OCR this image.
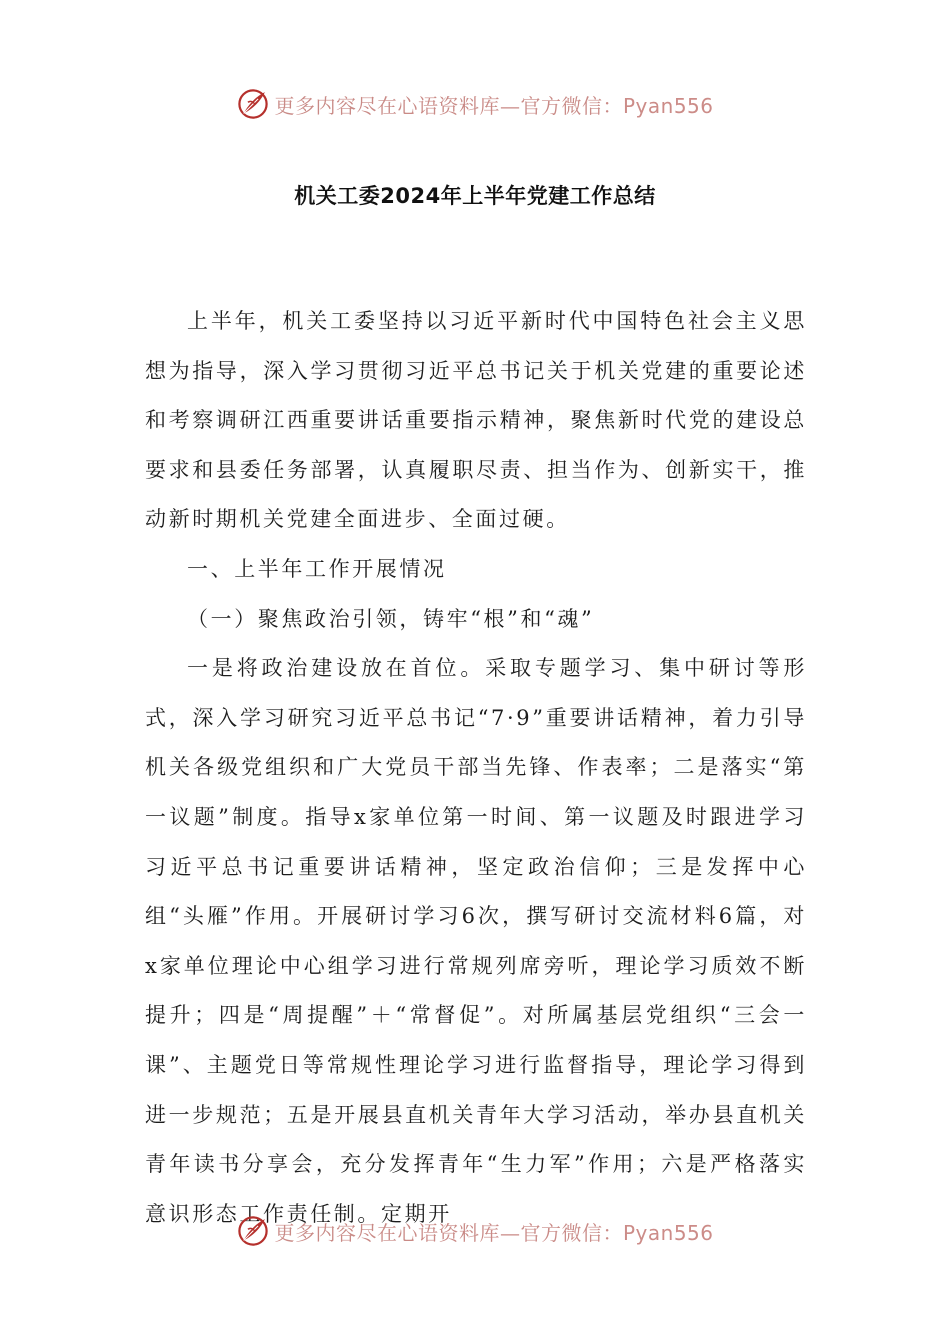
更多内容尽在心语资料库—官方微信：Pyan556
机关工委2024年上半年党建工作总结

上半年，机关工委坚持以习近平新时代中国特色社会主义思想为指导，深入学习贯彻习近平总书记关于机关党建的重要论述和考察调研江西重要讲话重要指示精神，聚焦新时代党的建设总要求和县委任务部署，认真履职尽责、担当作为、创新实干，推动新时期机关党建全面进步、全面过硬。

一、上半年工作开展情况

（一）聚焦政治引领，铸牢“根”和“魂”

一是将政治建设放在首位。采取专题学习、集中研讨等形式，深入学习研究习近平总书记“7·9”重要讲话精神，着力引导机关各级党组织和广大党员干部当先锋、作表率；二是落实“第一议题”制度。指导x家单位第一时间、第一议题及时跟进学习习近平总书记重要讲话精神，坚定政治信仰；三是发挥中心组“头雁”作用。开展研讨学习6次，撰写研讨交流材料6篇，对x家单位理论中心组学习进行常规列席旁听，理论学习质效不断提升；四是“周提醒”＋“常督促”。对所属基层党组织“三会一课”、主题党日等常规性理论学习进行监督指导，理论学习得到进一步规范；五是开展县直机关青年大学习活动，举办县直机关青年读书分享会，充分发挥青年“生力军”作用；六是严格落实意识形态工作责任制。定期开

更多内容尽在心语资料库—官方微信：Pyan556
